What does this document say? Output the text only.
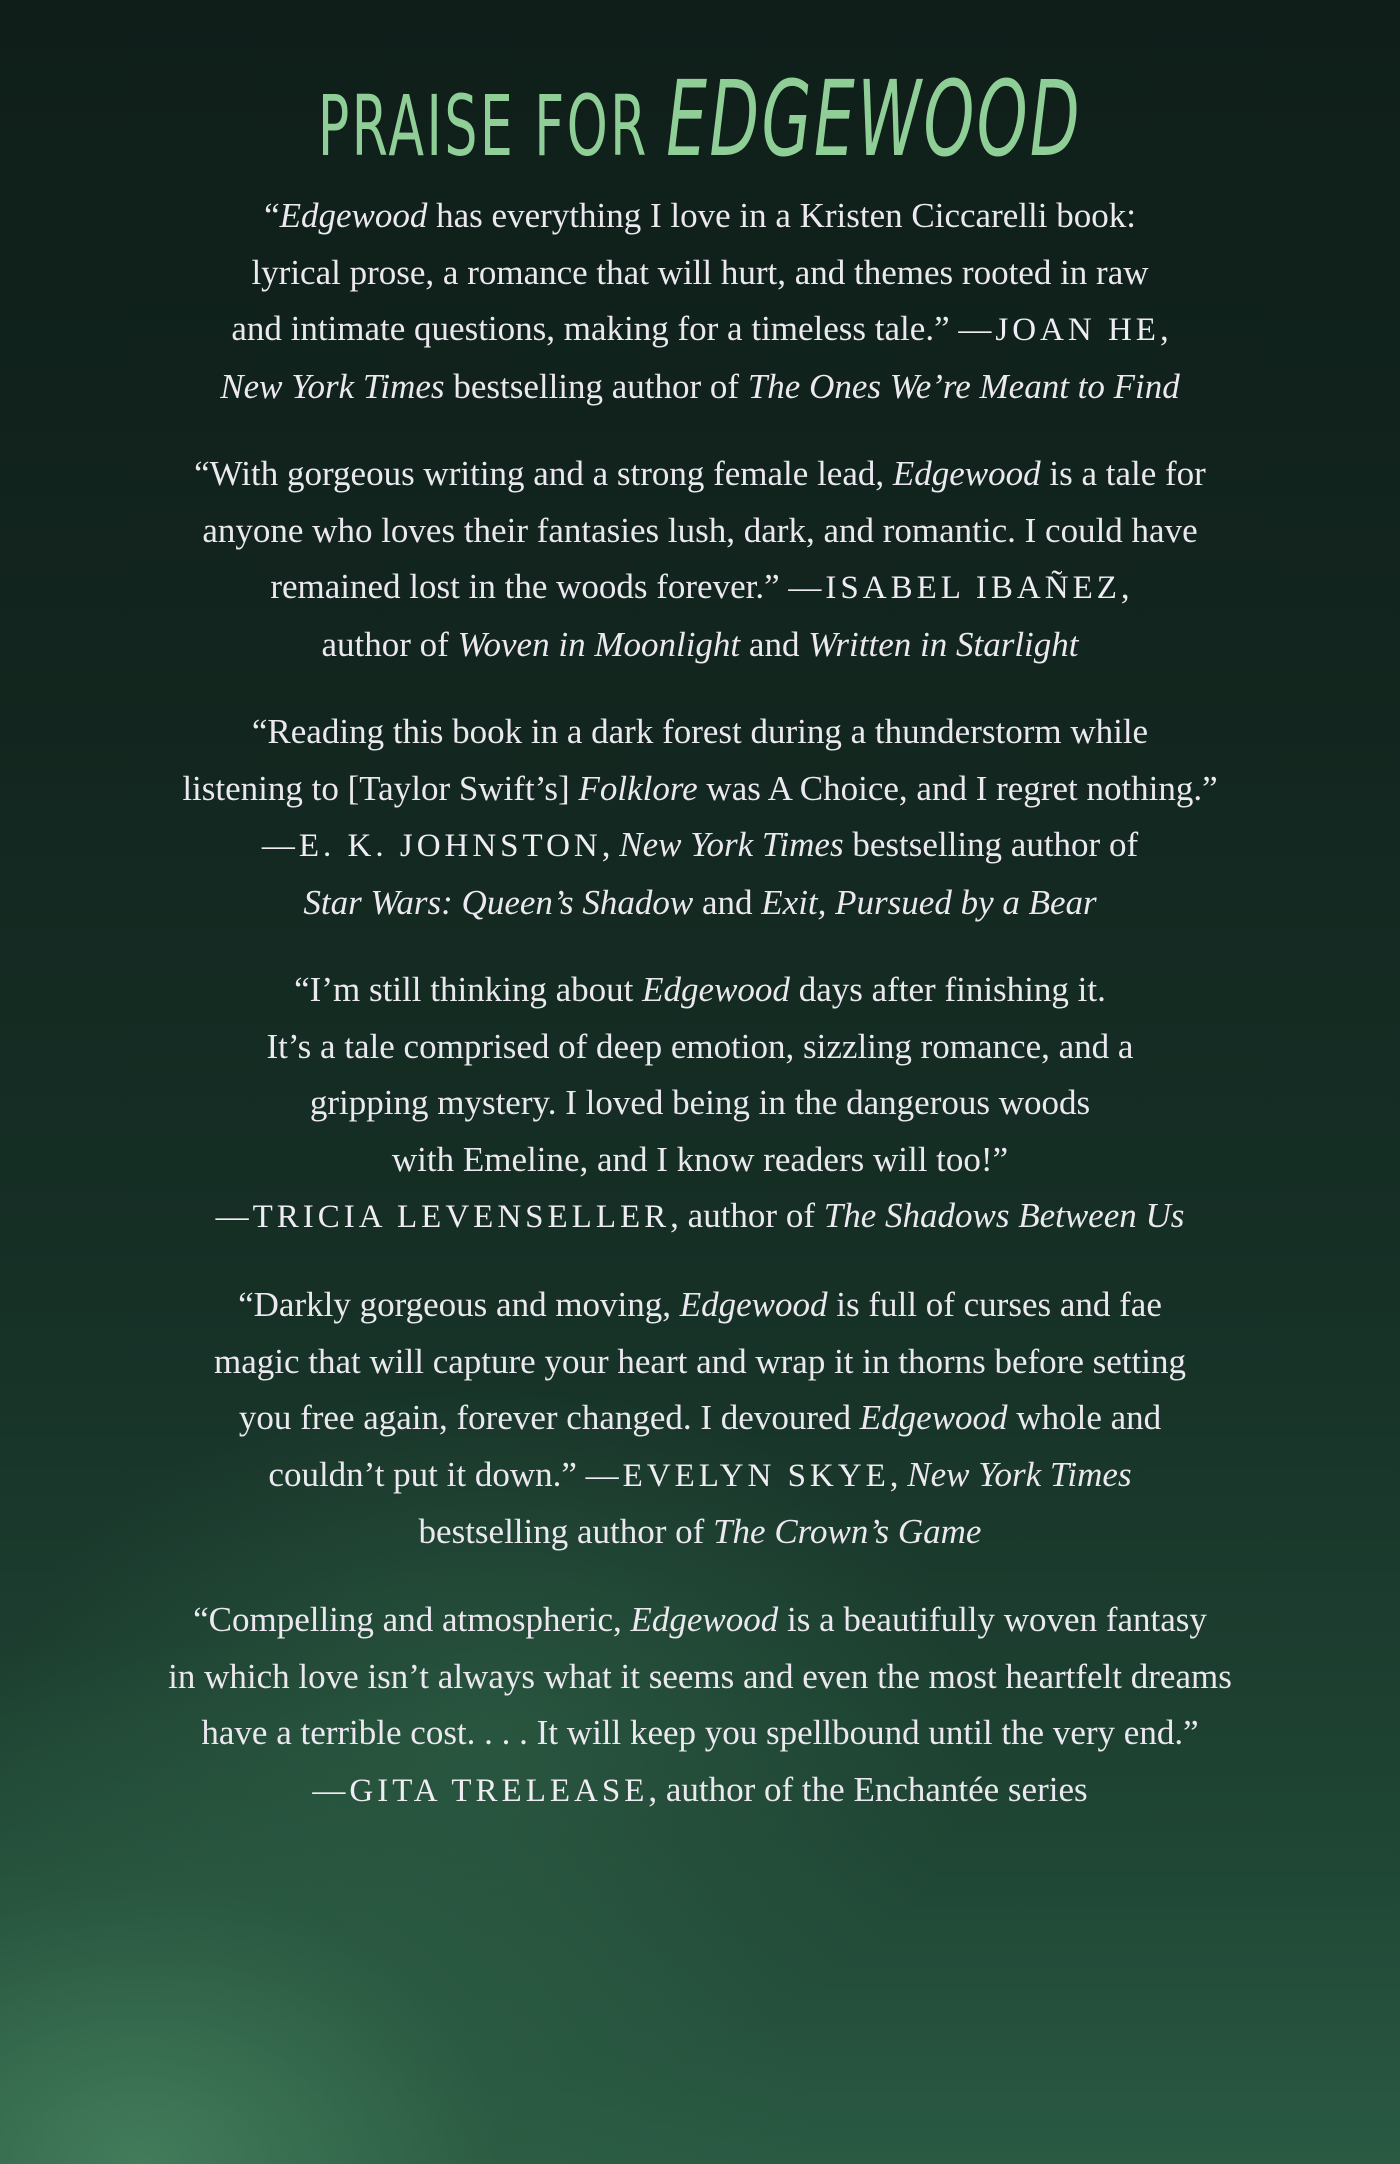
PRAISE FOR EDGEWOOD
“Edgewood has everything I love in a Kristen Ciccarelli book:
lyrical prose, a romance that will hurt, and themes rooted in raw
and intimate questions, making for a timeless tale.” —JOAN HE,
New York Times bestselling author of The Ones We’re Meant to Find
“With gorgeous writing and a strong female lead, Edgewood is a tale for
anyone who loves their fantasies lush, dark, and romantic. I could have
remained lost in the woods forever.” —ISABEL IBAÑEZ,
author of Woven in Moonlight and Written in Starlight
“Reading this book in a dark forest during a thunderstorm while
listening to [Taylor Swift’s] Folklore was A Choice, and I regret nothing.”
—E. K. JOHNSTON, New York Times bestselling author of
Star Wars: Queen’s Shadow and Exit, Pursued by a Bear
“I’m still thinking about Edgewood days after finishing it.
It’s a tale comprised of deep emotion, sizzling romance, and a
gripping mystery. I loved being in the dangerous woods
with Emeline, and I know readers will too!”
—TRICIA LEVENSELLER, author of The Shadows Between Us
“Darkly gorgeous and moving, Edgewood is full of curses and fae
magic that will capture your heart and wrap it in thorns before setting
you free again, forever changed. I devoured Edgewood whole and
couldn’t put it down.” —EVELYN SKYE, New York Times
bestselling author of The Crown’s Game
“Compelling and atmospheric, Edgewood is a beautifully woven fantasy
in which love isn’t always what it seems and even the most heartfelt dreams
have a terrible cost. . . . It will keep you spellbound until the very end.”
—GITA TRELEASE, author of the Enchantée series
